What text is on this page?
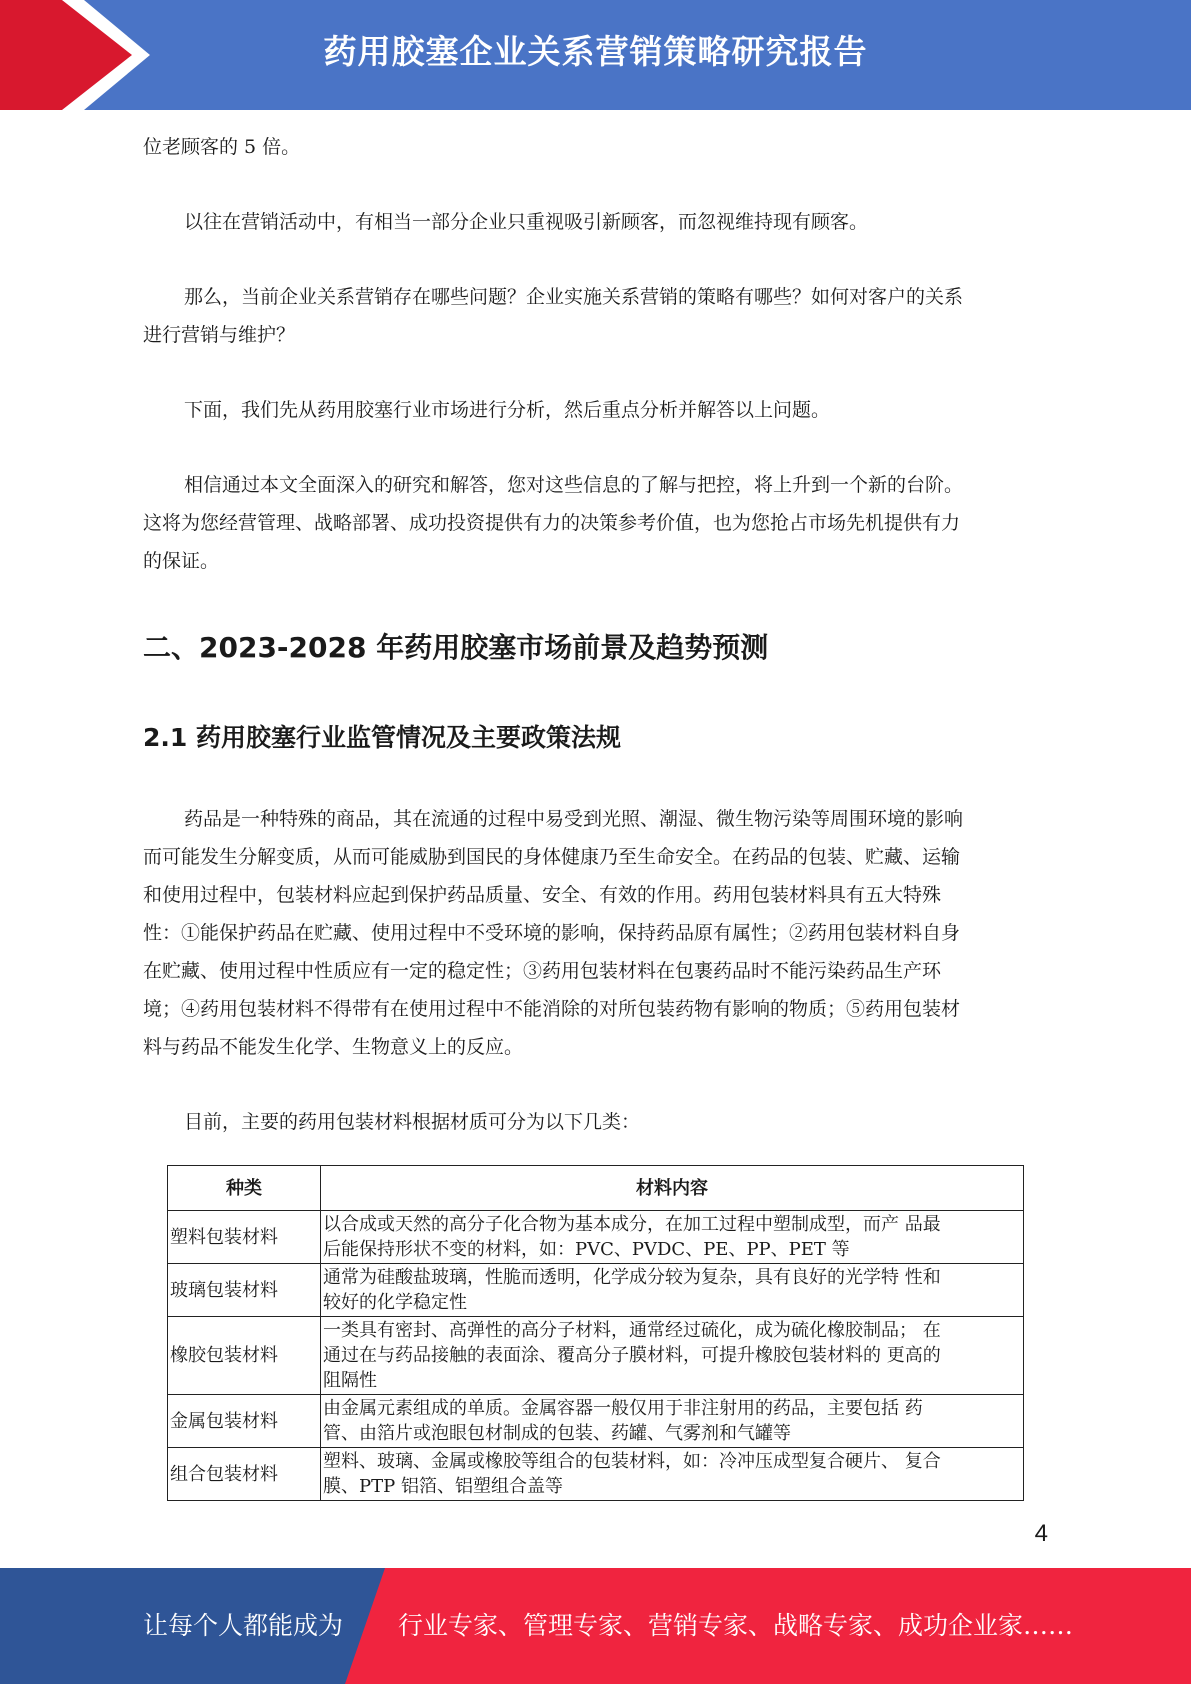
药用胶塞企业关系营销策略研究报告

位老顾客的 5 倍。

以往在营销活动中，有相当一部分企业只重视吸引新顾客，而忽视维持现有顾客。

那么，当前企业关系营销存在哪些问题？企业实施关系营销的策略有哪些？如何对客户的关系

进行营销与维护？

下面，我们先从药用胶塞行业市场进行分析，然后重点分析并解答以上问题。

相信通过本文全面深入的研究和解答，您对这些信息的了解与把控，将上升到一个新的台阶。

这将为您经营管理、战略部署、成功投资提供有力的决策参考价值，也为您抢占市场先机提供有力

的保证。

二、2023-2028 年药用胶塞市场前景及趋势预测
2.1 药用胶塞行业监管情况及主要政策法规

药品是一种特殊的商品，其在流通的过程中易受到光照、潮湿、微生物污染等周围环境的影响

而可能发生分解变质，从而可能威胁到国民的身体健康乃至生命安全。在药品的包装、贮藏、运输

和使用过程中，包装材料应起到保护药品质量、安全、有效的作用。药用包装材料具有五大特殊

性：①能保护药品在贮藏、使用过程中不受环境的影响，保持药品原有属性；②药用包装材料自身

在贮藏、使用过程中性质应有一定的稳定性；③药用包装材料在包裹药品时不能污染药品生产环

境；④药用包装材料不得带有在使用过程中不能消除的对所包装药物有影响的物质；⑤药用包装材

料与药品不能发生化学、生物意义上的反应。

目前，主要的药用包装材料根据材质可分为以下几类：

种类	材料内容
塑料包装材料	以合成或天然的高分子化合物为基本成分，在加工过程中塑制成型，而产 品最
后能保持形状不变的材料，如：PVC、PVDC、PE、PP、PET 等

玻璃包装材料	通常为硅酸盐玻璃，性脆而透明，化学成分较为复杂，具有良好的光学特 性和
较好的化学稳定性

橡胶包装材料	一类具有密封、高弹性的高分子材料，通常经过硫化，成为硫化橡胶制品； 在
通过在与药品接触的表面涂、覆高分子膜材料，可提升橡胶包装材料的 更高的
阻隔性

金属包装材料	由金属元素组成的单质。金属容器一般仅用于非注射用的药品，主要包括 药
管、由箔片或泡眼包材制成的包装、药罐、气雾剂和气罐等

组合包装材料	塑料、玻璃、金属或橡胶等组合的包装材料，如：冷冲压成型复合硬片、 复合
膜、PTP 铝箔、铝塑组合盖等
4
让每个人都能成为 行业专家、管理专家、营销专家、战略专家、成功企业家……
